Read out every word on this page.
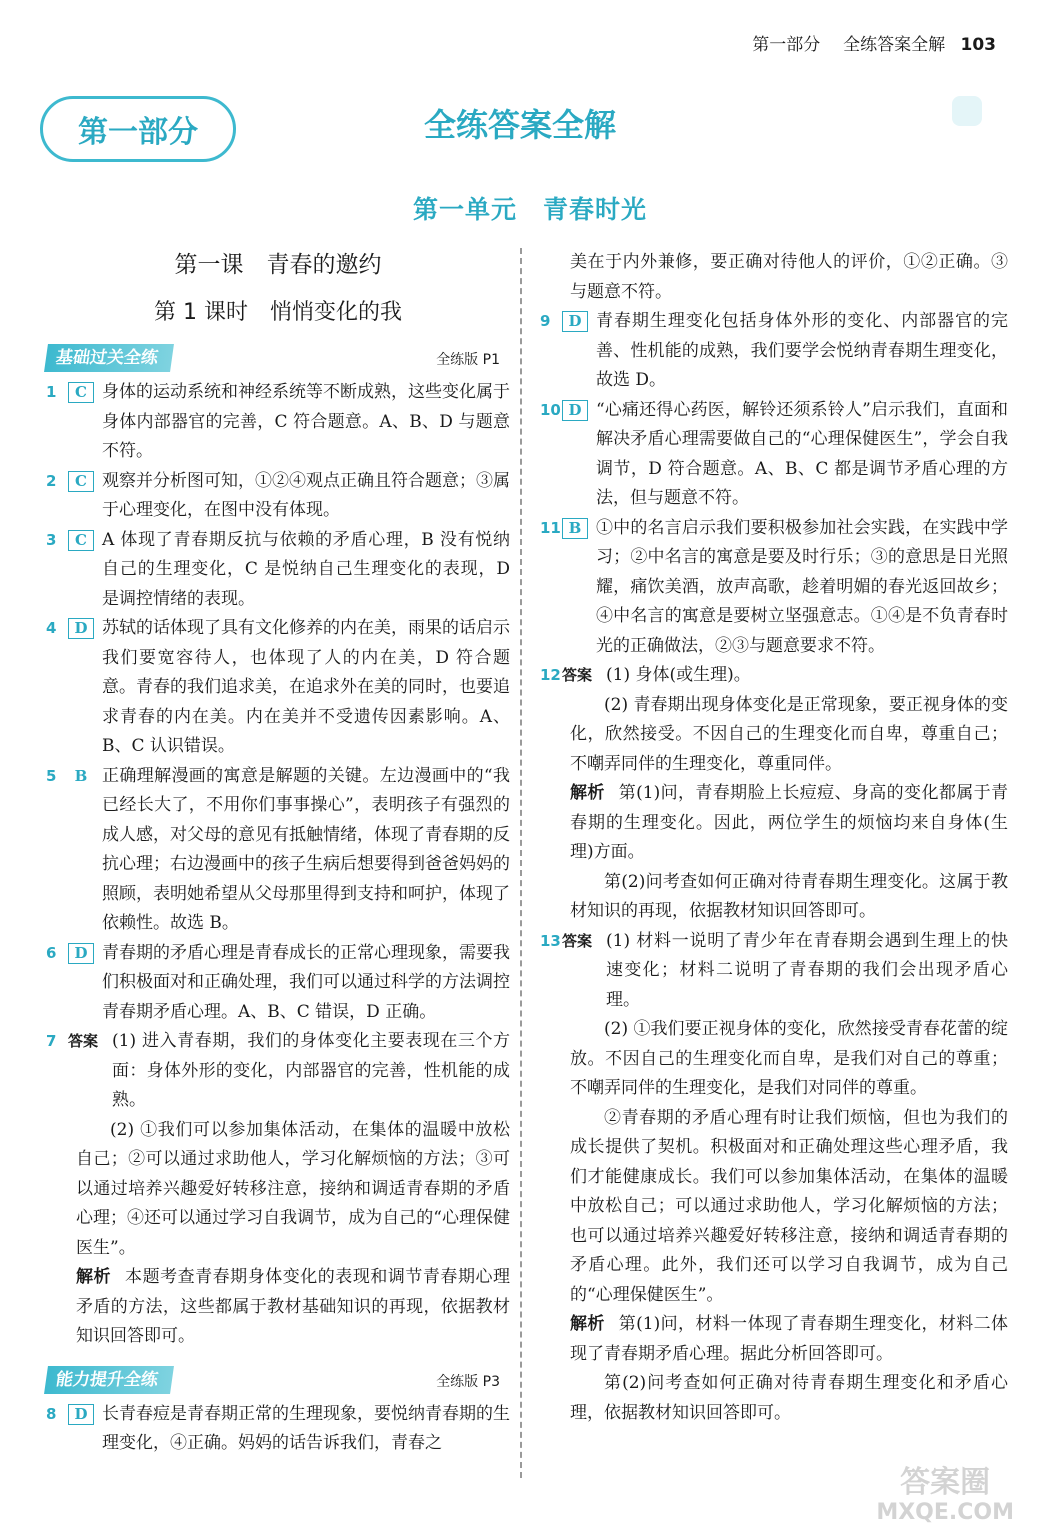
第一部分 全练答案全解 103
第一部分	全练答案全解
第一单元 青春时光

第一课　青春的邀约

第 1 课时　悄悄变化的我

基础过关全练	全练版 P1
1	C 身体的运动系统和神经系统等不断成熟，这些变化属于身体内部器官的完善，C 符合题意。A、B、D 与题意不符。
2	C 观察并分析图可知，①②④观点正确且符合题意；③属于心理变化，在图中没有体现。
3	C A 体现了青春期反抗与依赖的矛盾心理，B 没有悦纳自己的生理变化，C 是悦纳自己生理变化的表现，D 是调控情绪的表现。
4	D 苏轼的话体现了具有文化修养的内在美，雨果的话启示我们要宽容待人，也体现了人的内在美，D 符合题意。青春的我们追求美，在追求外在美的同时，也要追求青春的内在美。内在美并不受遗传因素影响。A、B、C 认识错误。
5	B 正确理解漫画的寓意是解题的关键。左边漫画中的“我已经长大了，不用你们事事操心”，表明孩子有强烈的成人感，对父母的意见有抵触情绪，体现了青春期的反抗心理；右边漫画中的孩子生病后想要得到爸爸妈妈的照顾，表明她希望从父母那里得到支持和呵护，体现了依赖性。故选 B。
6	D 青春期的矛盾心理是青春成长的正常心理现象，需要我们积极面对和正确处理，我们可以通过科学的方法调控青春期矛盾心理。A、B、C 错误，D 正确。
7 答案 (1) 进入青春期，我们的身体变化主要表现在三个方面：身体外形的变化，内部器官的完善，性机能的成熟。

(2) ①我们可以参加集体活动，在集体的温暖中放松自己；②可以通过求助他人，学习化解烦恼的方法；③可以通过培养兴趣爱好转移注意，接纳和调适青春期的矛盾心理；④还可以通过学习自我调节，成为自己的“心理保健医生”。

解析 本题考查青春期身体变化的表现和调节青春期心理矛盾的方法，这些都属于教材基础知识的再现，依据教材知识回答即可。

能力提升全练	全练版 P3
8	D 长青春痘是青春期正常的生理现象，要悦纳青春期的生理变化，④正确。妈妈的话告诉我们，青春之

美在于内外兼修，要正确对待他人的评价，①②正确。③与题意不符。

9	D 青春期生理变化包括身体外形的变化、内部器官的完善、性机能的成熟，我们要学会悦纳青春期生理变化，故选 D。
10 D “心痛还得心药医，解铃还须系铃人”启示我们，直面和解决矛盾心理需要做自己的“心理保健医生”，学会自我调节，D 符合题意。A、B、C 都是调节矛盾心理的方法，但与题意不符。
11 B ①中的名言启示我们要积极参加社会实践，在实践中学习；②中名言的寓意是要及时行乐；③的意思是日光照耀，痛饮美酒，放声高歌，趁着明媚的春光返回故乡；④中名言的寓意是要树立坚强意志。①④是不负青春时光的正确做法，②③与题意要求不符。
12 答案 (1) 身体(或生理)。

(2) 青春期出现身体变化是正常现象，要正视身体的变化，欣然接受。不因自己的生理变化而自卑，尊重自己；不嘲弄同伴的生理变化，尊重同伴。

解析 第(1)问，青春期脸上长痘痘、身高的变化都属于青春期的生理变化。因此，两位学生的烦恼均来自身体(生理)方面。

第(2)问考查如何正确对待青春期生理变化。这属于教材知识的再现，依据教材知识回答即可。

13 答案 (1) 材料一说明了青少年在青春期会遇到生理上的快速变化；材料二说明了青春期的我们会出现矛盾心理。

(2) ①我们要正视身体的变化，欣然接受青春花蕾的绽放。不因自己的生理变化而自卑，是我们对自己的尊重；不嘲弄同伴的生理变化，是我们对同伴的尊重。

②青春期的矛盾心理有时让我们烦恼，但也为我们的成长提供了契机。积极面对和正确处理这些心理矛盾，我们才能健康成长。我们可以参加集体活动，在集体的温暖中放松自己；可以通过求助他人，学习化解烦恼的方法；也可以通过培养兴趣爱好转移注意，接纳和调适青春期的矛盾心理。此外，我们还可以学习自我调节，成为自己的“心理保健医生”。

解析 第(1)问，材料一体现了青春期生理变化，材料二体现了青春期矛盾心理。据此分析回答即可。

第(2)问考查如何正确对待青春期生理变化和矛盾心理，依据教材知识回答即可。

答案圈
MXQE.COM
